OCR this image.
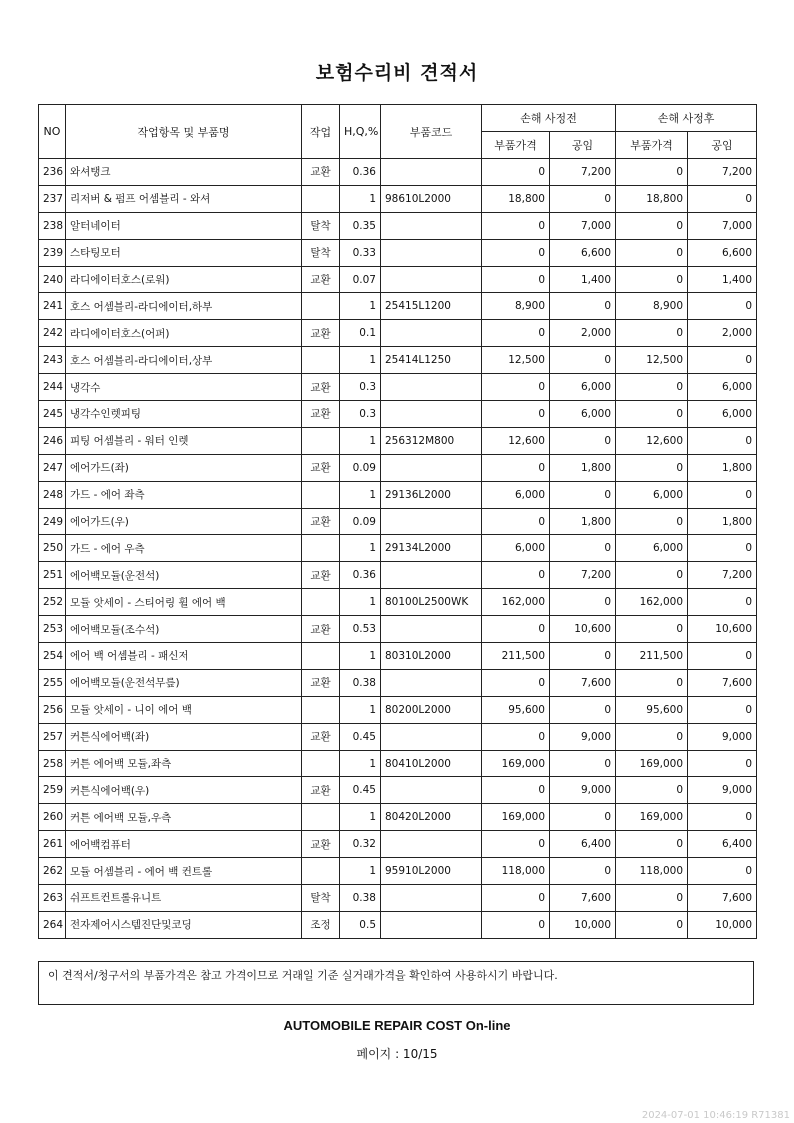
보험수리비 견적서
NO	작업항목 및 부품명	작업	H,Q,%	부품코드	손해 사정전		손해 사정후	
					부품가격	공임	부품가격	공임
236	와셔탱크	교환	0.36		0	7,200	0	7,200
237	리저버 & 펌프 어셈블리 - 와셔		1	98610L2000	18,800	0	18,800	0
238	알터네이터	탈착	0.35		0	7,000	0	7,000
239	스타팅모터	탈착	0.33		0	6,600	0	6,600
240	라디에이터호스(로워)	교환	0.07		0	1,400	0	1,400
241	호스 어셈블리-라디에이터,하부		1	25415L1200	8,900	0	8,900	0
242	라디에이터호스(어퍼)	교환	0.1		0	2,000	0	2,000
243	호스 어셈블리-라디에이터,상부		1	25414L1250	12,500	0	12,500	0
244	냉각수	교환	0.3		0	6,000	0	6,000
245	냉각수인렛피팅	교환	0.3		0	6,000	0	6,000
246	피팅 어셈블리 - 워터 인렛		1	256312M800	12,600	0	12,600	0
247	에어가드(좌)	교환	0.09		0	1,800	0	1,800
248	가드 - 에어 좌측		1	29136L2000	6,000	0	6,000	0
249	에어가드(우)	교환	0.09		0	1,800	0	1,800
250	가드 - 에어 우측		1	29134L2000	6,000	0	6,000	0
251	에어백모듈(운전석)	교환	0.36		0	7,200	0	7,200
252	모듈 앗세이 - 스티어링 휠 에어 백		1	80100L2500WK	162,000	0	162,000	0
253	에어백모듈(조수석)	교환	0.53		0	10,600	0	10,600
254	에어 백 어셈블리 - 패신저		1	80310L2000	211,500	0	211,500	0
255	에어백모듈(운전석무릎)	교환	0.38		0	7,600	0	7,600
256	모듈 앗세이 - 니이 에어 백		1	80200L2000	95,600	0	95,600	0
257	커튼식에어백(좌)	교환	0.45		0	9,000	0	9,000
258	커튼 에어백 모듈,좌측		1	80410L2000	169,000	0	169,000	0
259	커튼식에어백(우)	교환	0.45		0	9,000	0	9,000
260	커튼 에어백 모듈,우측		1	80420L2000	169,000	0	169,000	0
261	에어백컴퓨터	교환	0.32		0	6,400	0	6,400
262	모듈 어셈블리 - 에어 백 컨트롤		1	95910L2000	118,000	0	118,000	0
263	쉬프트컨트롤유니트	탈착	0.38		0	7,600	0	7,600
264	전자제어시스템진단및코딩	조정	0.5		0	10,000	0	10,000
이 견적서/청구서의 부품가격은 참고 가격이므로 거래일 기준 실거래가격을 확인하여 사용하시기 바랍니다.
AUTOMOBILE REPAIR COST On-line
페이지 : 10/15
2024-07-01 10:46:19 R71381
